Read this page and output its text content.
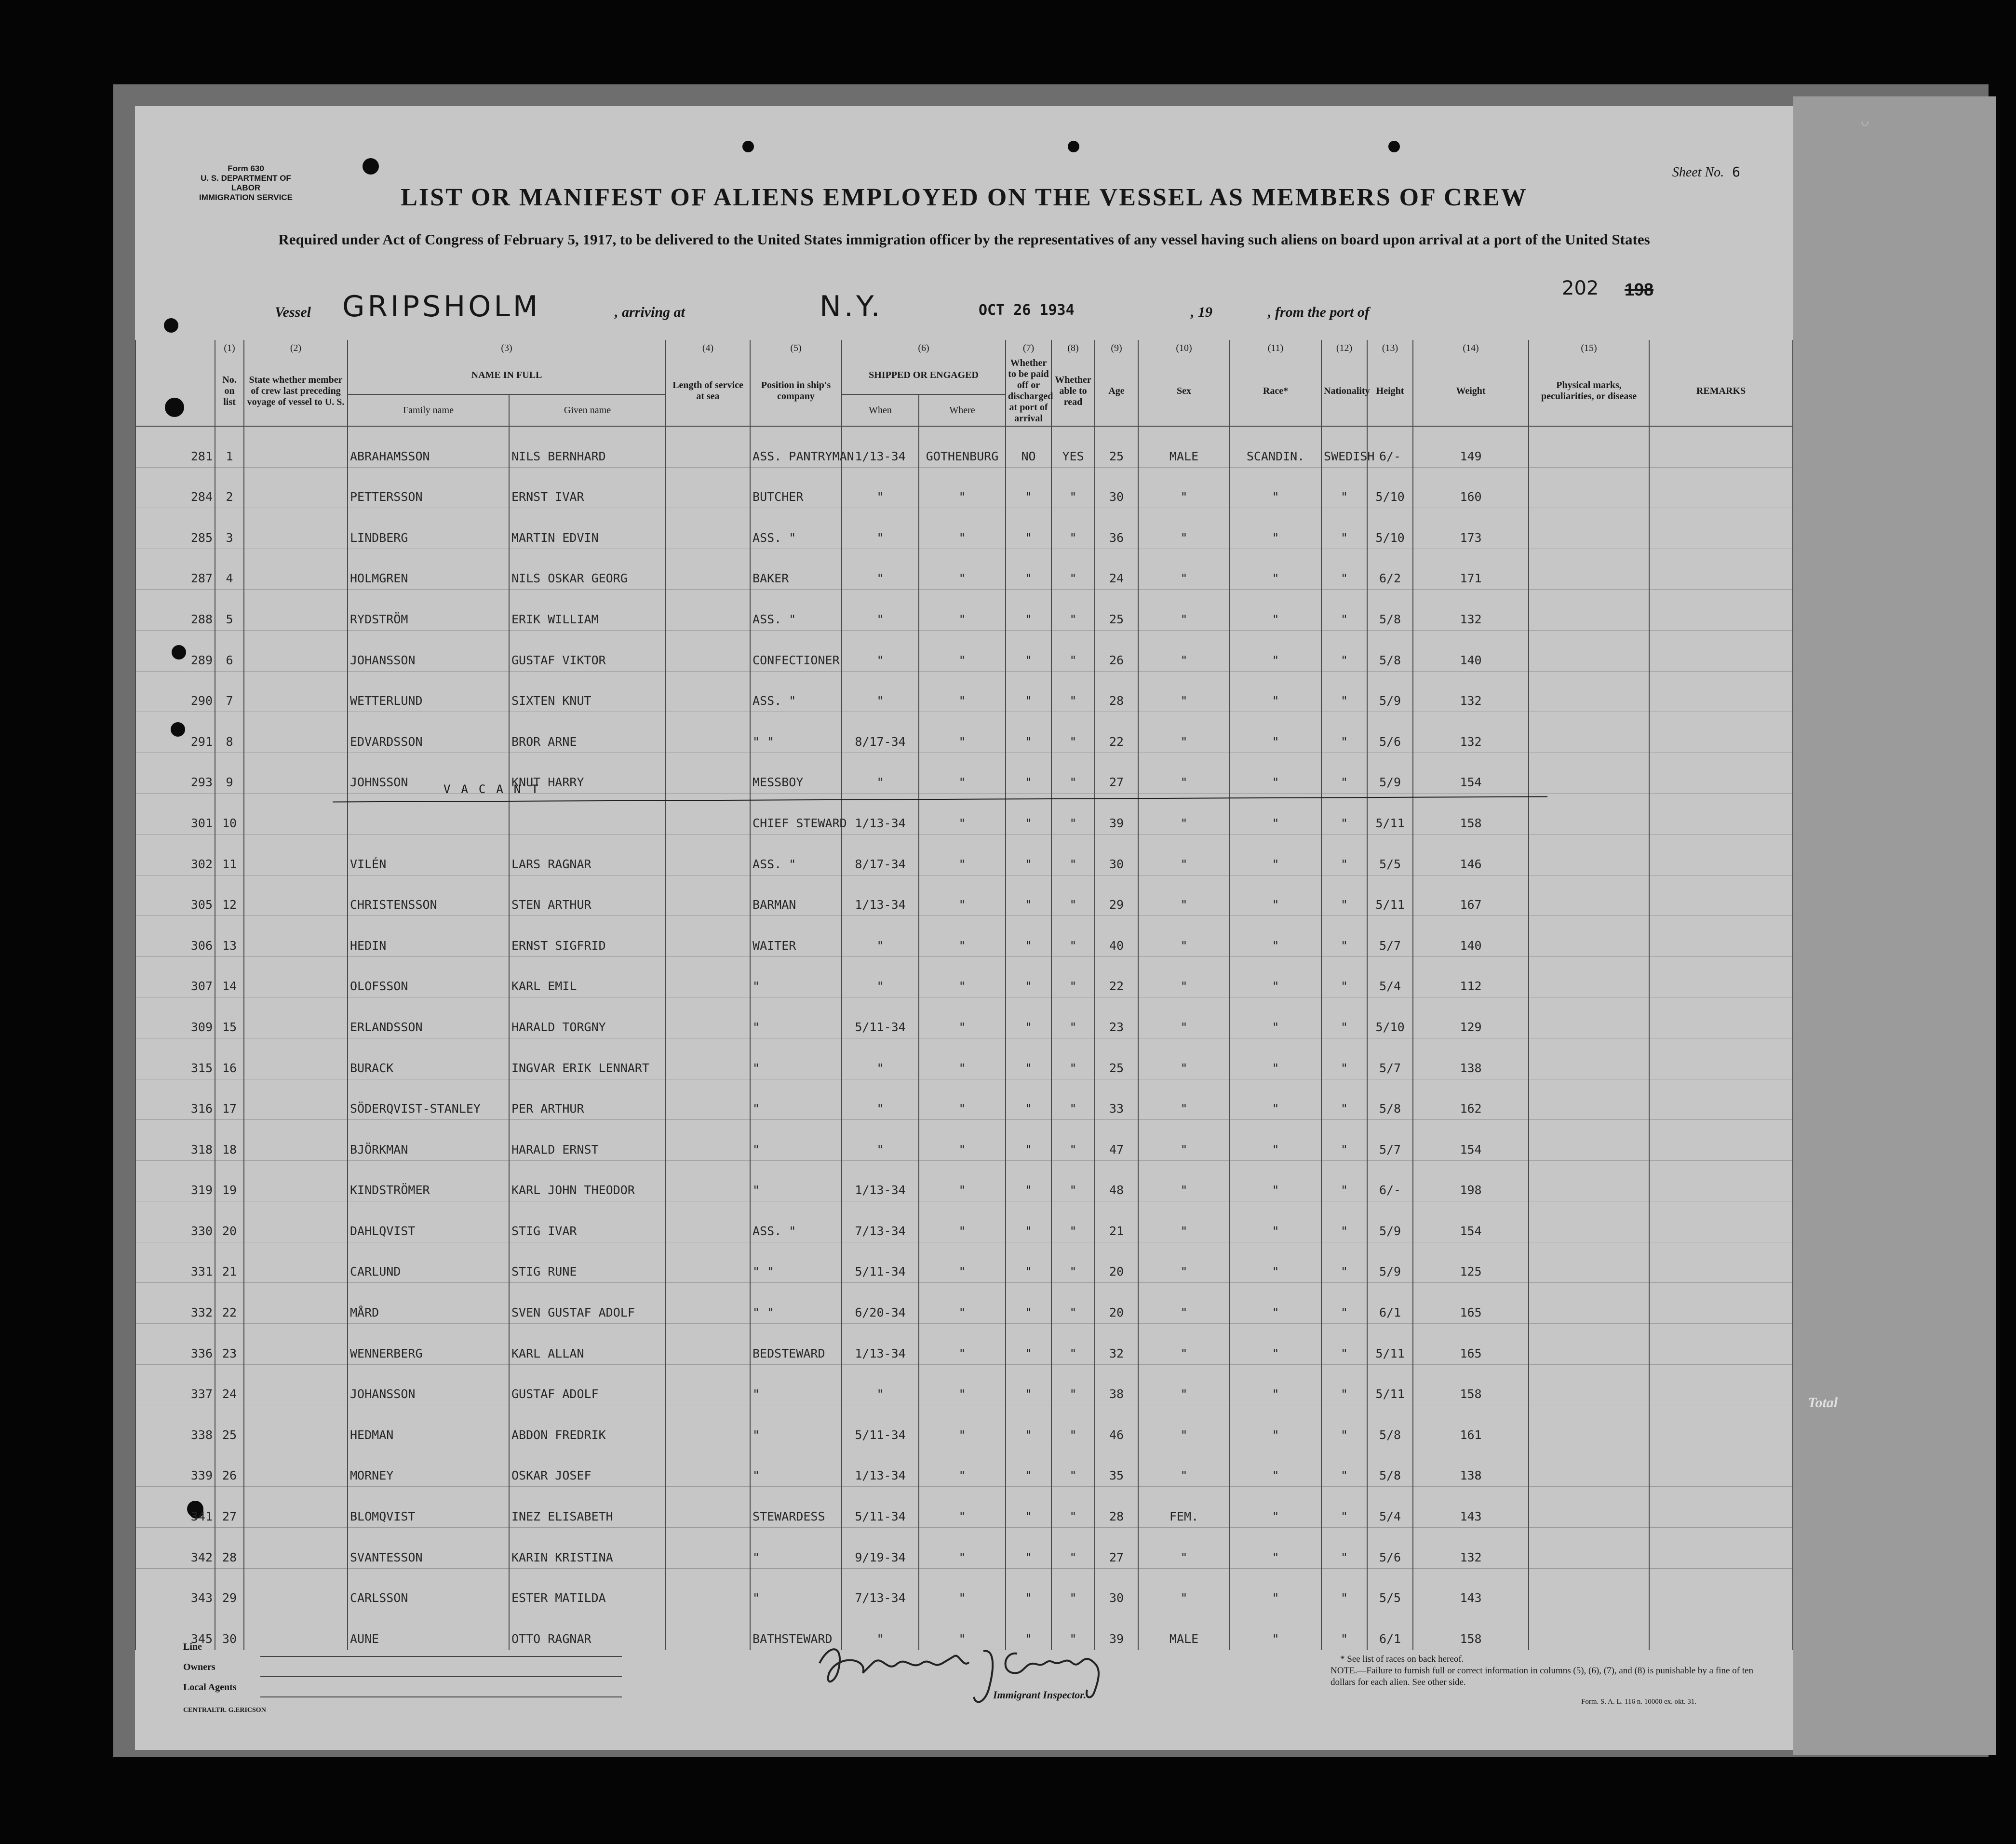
ᴗ
Total
Form 630
U. S. DEPARTMENT OF LABOR
IMMIGRATION SERVICE
Sheet No. 6
LIST OR MANIFEST OF ALIENS EMPLOYED ON THE VESSEL AS MEMBERS OF CREW
Required under Act of Congress of February 5, 1917, to be delivered to the United States immigration officer by the representatives of any vessel having such aliens on board upon arrival at a port of the United States
202 198
Vessel GRIPSHOLM	, arriving at	N.Y.	OCT 26 1934	, 19	, from the port of
	(1)	(2)	(3)		(4)	(5)	(6)		(7)	(8)	(9)	(10)	(11)	(12)	(13)	(14)	(15)	
	No. on list	State whether member of crew last preceding voyage of vessel to U. S.	NAME IN FULL		Length of service at sea	Position in ship's company	SHIPPED OR ENGAGED		Whether to be paid off or discharged at port of arrival	Whether able to read	Age	Sex	Race*	Nationality	Height	Weight	Physical marks, peculiarities, or disease	REMARKS
			Family name	Given name			When	Where										
281	1		ABRAHAMSSON	NILS BERNHARD		ASS. PANTRYMAN	1/13-34	GOTHENBURG	NO	YES	25	MALE	SCANDIN.	SWEDISH	6/-	149		
284	2		PETTERSSON	ERNST IVAR		BUTCHER	"	"	"	"	30	"	"	"	5/10	160		
285	3		LINDBERG	MARTIN EDVIN		ASS. "	"	"	"	"	36	"	"	"	5/10	173		
287	4		HOLMGREN	NILS OSKAR GEORG		BAKER	"	"	"	"	24	"	"	"	6/2	171		
288	5		RYDSTRÖM	ERIK WILLIAM		ASS. "	"	"	"	"	25	"	"	"	5/8	132		
289	6		JOHANSSON	GUSTAF VIKTOR		CONFECTIONER	"	"	"	"	26	"	"	"	5/8	140		
290	7		WETTERLUND	SIXTEN KNUT		ASS. "	"	"	"	"	28	"	"	"	5/9	132		
291	8		EDVARDSSON	BROR ARNE		" "	8/17-34	"	"	"	22	"	"	"	5/6	132		
293	9		JOHNSSON	KNUT HARRY		MESSBOY	"	"	"	"	27	"	"	"	5/9	154		
301	10					CHIEF STEWARD	1/13-34	"	"	"	39	"	"	"	5/11	158		
302	11		VILÉN	LARS RAGNAR		ASS. "	8/17-34	"	"	"	30	"	"	"	5/5	146		
305	12		CHRISTENSSON	STEN ARTHUR		BARMAN	1/13-34	"	"	"	29	"	"	"	5/11	167		
306	13		HEDIN	ERNST SIGFRID		WAITER	"	"	"	"	40	"	"	"	5/7	140		
307	14		OLOFSSON	KARL EMIL		"	"	"	"	"	22	"	"	"	5/4	112		
309	15		ERLANDSSON	HARALD TORGNY		"	5/11-34	"	"	"	23	"	"	"	5/10	129		
315	16		BURACK	INGVAR ERIK LENNART		"	"	"	"	"	25	"	"	"	5/7	138		
316	17		SÖDERQVIST-STANLEY	PER ARTHUR		"	"	"	"	"	33	"	"	"	5/8	162		
318	18		BJÖRKMAN	HARALD ERNST		"	"	"	"	"	47	"	"	"	5/7	154		
319	19		KINDSTRÖMER	KARL JOHN THEODOR		"	1/13-34	"	"	"	48	"	"	"	6/-	198		
330	20		DAHLQVIST	STIG IVAR		ASS. "	7/13-34	"	"	"	21	"	"	"	5/9	154		
331	21		CARLUND	STIG RUNE		" "	5/11-34	"	"	"	20	"	"	"	5/9	125		
332	22		MÅRD	SVEN GUSTAF ADOLF		" "	6/20-34	"	"	"	20	"	"	"	6/1	165		
336	23		WENNERBERG	KARL ALLAN		BEDSTEWARD	1/13-34	"	"	"	32	"	"	"	5/11	165		
337	24		JOHANSSON	GUSTAF ADOLF		"	"	"	"	"	38	"	"	"	5/11	158		
338	25		HEDMAN	ABDON FREDRIK		"	5/11-34	"	"	"	46	"	"	"	5/8	161		
339	26		MORNEY	OSKAR JOSEF		"	1/13-34	"	"	"	35	"	"	"	5/8	138		
341	27		BLOMQVIST	INEZ ELISABETH		STEWARDESS	5/11-34	"	"	"	28	FEM.	"	"	5/4	143		
342	28		SVANTESSON	KARIN KRISTINA		"	9/19-34	"	"	"	27	"	"	"	5/6	132		
343	29		CARLSSON	ESTER MATILDA		"	7/13-34	"	"	"	30	"	"	"	5/5	143		
345	30		AUNE	OTTO RAGNAR		BATHSTEWARD	"	"	"	"	39	MALE	"	"	6/1	158		
VACANT
Line
Owners
Local Agents
CENTRALTR. G.ERICSON
Immigrant Inspector.
* See list of races on back hereof.
NOTE.—Failure to furnish full or correct information in columns (5), (6), (7), and (8) is punishable by a fine of ten dollars for each alien. See other side.
Form. S. A. L. 116 n. 10000 ex. okt. 31.
